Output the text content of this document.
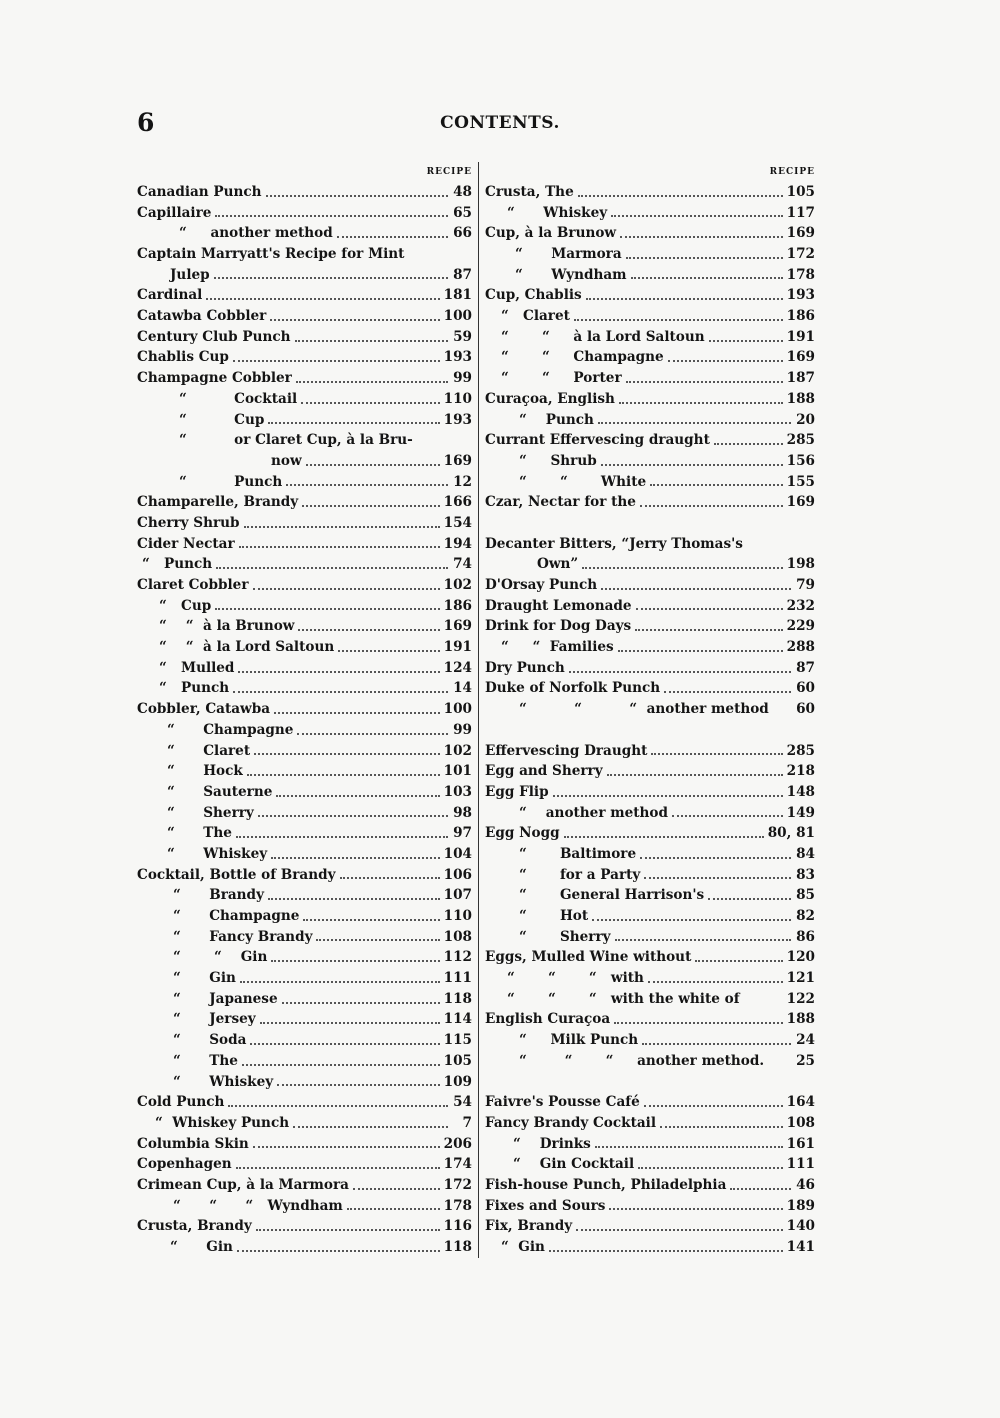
6	CONTENTS.
RECIPE
Canadian Punch	48
Capillaire	65
“     another method	66
Captain Marryatt's Recipe for Mint
Julep	87
Cardinal	181
Catawba Cobbler	100
Century Club Punch	59
Chablis Cup	193
Champagne Cobbler	99
“          Cocktail	110
“          Cup	193
“          or Claret Cup, à la Bru-
now	169
“          Punch	12
Champarelle, Brandy	166
Cherry Shrub	154
Cider Nectar	194
“   Punch	74
Claret Cobbler	102
“   Cup	186
“    “  à la Brunow	169
“    “  à la Lord Saltoun	191
“   Mulled	124
“   Punch	14
Cobbler, Catawba	100
“      Champagne	99
“      Claret	102
“      Hock	101
“      Sauterne	103
“      Sherry	98
“      The	97
“      Whiskey	104
Cocktail, Bottle of Brandy	106
“      Brandy	107
“      Champagne	110
“      Fancy Brandy	108
“       “    Gin	112
“      Gin	111
“      Japanese	118
“      Jersey	114
“      Soda	115
“      The	105
“      Whiskey	109
Cold Punch	54
“  Whiskey Punch	7
Columbia Skin	206
Copenhagen	174
Crimean Cup, à la Marmora	172
“      “      “   Wyndham	178
Crusta, Brandy	116
“      Gin	118
RECIPE
Crusta, The	105
“      Whiskey	117
Cup, à la Brunow	169
“      Marmora	172
“      Wyndham	178
Cup, Chablis	193
“   Claret	186
“       “     à la Lord Saltoun	191
“       “     Champagne	169
“       “     Porter	187
Curaçoa, English	188
“    Punch	20
Currant Effervescing draught	285
“     Shrub	156
“       “       White	155
Czar, Nectar for the	169
Decanter Bitters, “Jerry Thomas's
Own”	198
D'Orsay Punch	79
Draught Lemonade	232
Drink for Dog Days	229
“     “  Families	288
Dry Punch	87
Duke of Norfolk Punch	60
“          “          “  another method 60
Effervescing Draught	285
Egg and Sherry	218
Egg Flip	148
“    another method	149
Egg Nogg	80, 81
“       Baltimore	84
“       for a Party	83
“       General Harrison's	85
“       Hot	82
“       Sherry	86
Eggs, Mulled Wine without	120
“       “       “   with	121
“       “       “   with the white of	122
English Curaçoa	188
“     Milk Punch	24
“        “       “     another method. 25
Faivre's Pousse Café	164
Fancy Brandy Cocktail	108
“    Drinks	161
“    Gin Cocktail	111
Fish-house Punch, Philadelphia	46
Fixes and Sours	189
Fix, Brandy	140
“  Gin	141
